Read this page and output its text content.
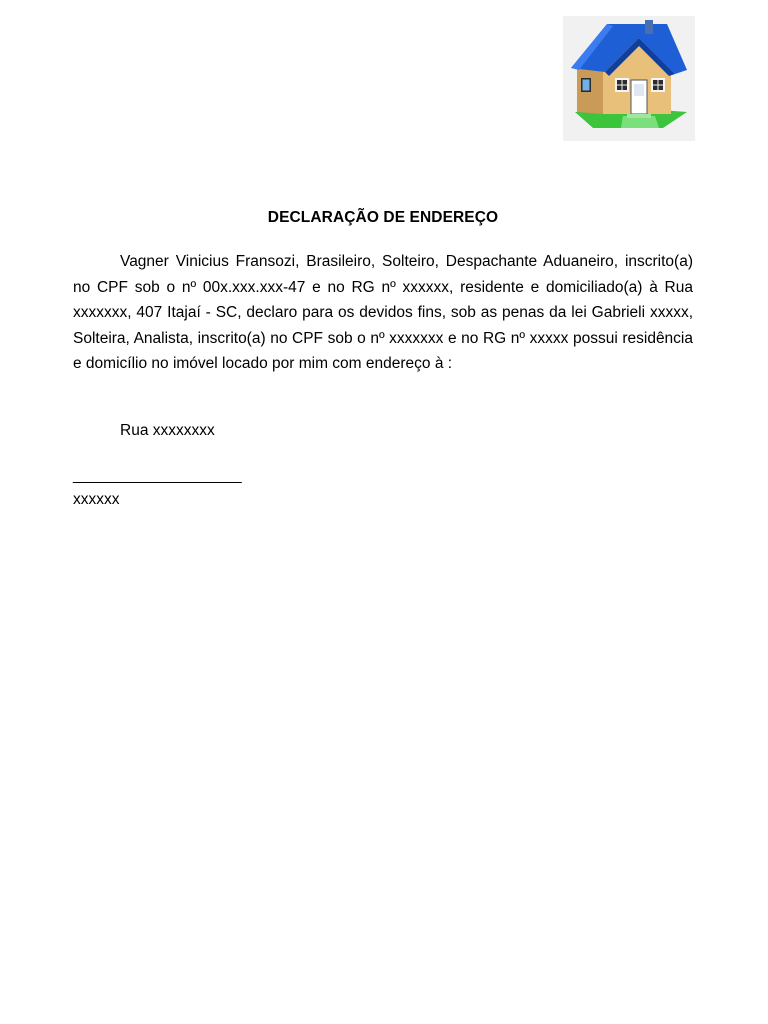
DECLARAÇÃO DE ENDEREÇO

Vagner Vinicius Fransozi, Brasileiro, Solteiro, Despachante Aduaneiro, inscrito(a) no CPF sob o nº 00x.xxx.xxx-47 e no RG nº xxxxxx, residente e domiciliado(a) à Rua xxxxxxx, 407 Itajaí - SC, declaro para os devidos fins, sob as penas da lei Gabrieli xxxxx, Solteira, Analista, inscrito(a) no CPF sob o nº xxxxxxx e no RG nº xxxxx possui residência e domicílio no imóvel locado por mim com endereço à :

Rua xxxxxxxx
______________________
xxxxxx
